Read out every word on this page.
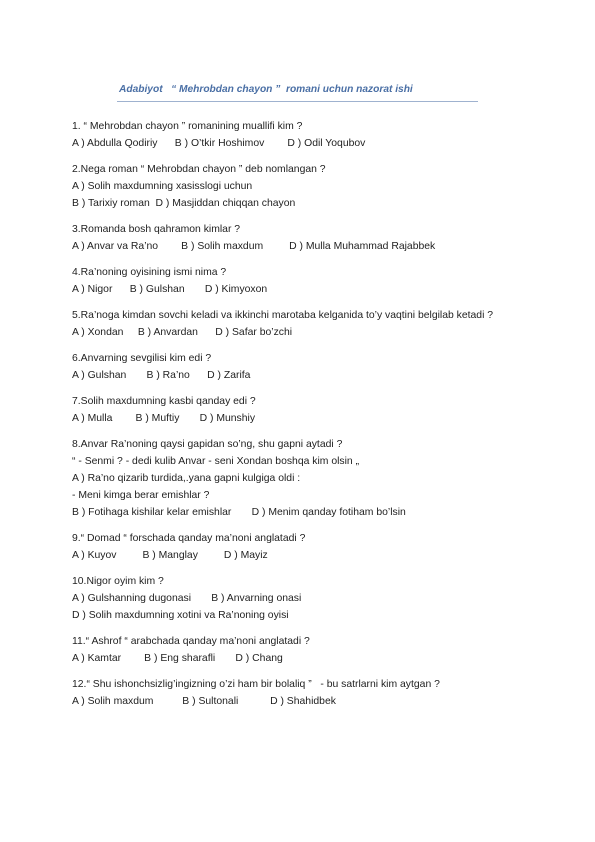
Adabiyot   “ Mehrobdan chayon ”  romani uchun nazorat ishi
1. “ Mehrobdan chayon ” romanining muallifi kim ?
A ) Abdulla Qodiriy      B ) O’tkir Hoshimov        D ) Odil Yoqubov
2.Nega roman “ Mehrobdan chayon ” deb nomlangan ?
A ) Solih maxdumning xasisslogi uchun
B ) Tarixiy roman  D ) Masjiddan chiqqan chayon
3.Romanda bosh qahramon kimlar ?
A ) Anvar va Ra’no        B ) Solih maxdum         D ) Mulla Muhammad Rajabbek
4.Ra’noning oyisining ismi nima ?
A ) Nigor      B ) Gulshan       D ) Kimyoxon
5.Ra’noga kimdan sovchi keladi va ikkinchi marotaba kelganida to’y vaqtini belgilab ketadi ?
A ) Xondan     B ) Anvardan      D ) Safar bo’zchi
6.Anvarning sevgilisi kim edi ?
A ) Gulshan       B ) Ra’no      D ) Zarifa
7.Solih maxdumning kasbi qanday edi ?
A ) Mulla        B ) Muftiy       D ) Munshiy
8.Anvar Ra’noning qaysi gapidan so’ng, shu gapni aytadi ?
“ - Senmi ? - dedi kulib Anvar - seni Xondan boshqa kim olsin „
A ) Ra’no qizarib turdida,.yana gapni kulgiga oldi :
- Meni kimga berar emishlar ?
B ) Fotihaga kishilar kelar emishlar       D ) Menim qanday fotiham bo’lsin
9.“ Domad “ forschada qanday ma’noni anglatadi ?
A ) Kuyov         B ) Manglay         D ) Mayiz
10.Nigor oyim kim ?
A ) Gulshanning dugonasi       B ) Anvarning onasi
D ) Solih maxdumning xotini va Ra’noning oyisi
11.“ Ashrof “ arabchada qanday ma’noni anglatadi ?
A ) Kamtar        B ) Eng sharafli       D ) Chang
12.“ Shu ishonchsizlig’ingizning o’zi ham bir bolaliq ”   - bu satrlarni kim aytgan ?
A ) Solih maxdum          B ) Sultonali           D ) Shahidbek
